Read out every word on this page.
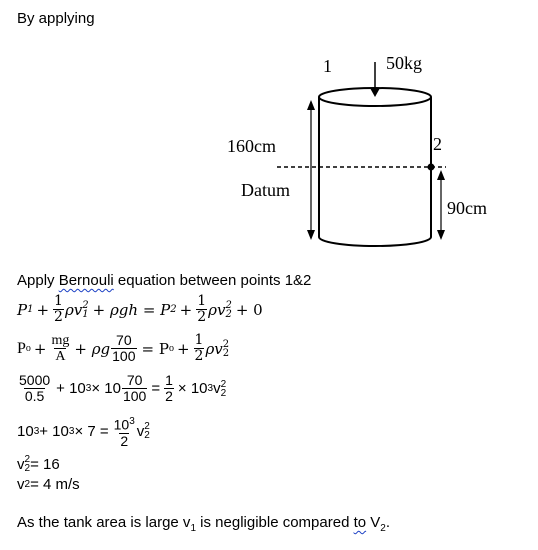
By applying
1	50kg
2
160cm
Datum
90cm
Apply Bernouli equation between points 1&2
P $1 + \frac{1}{2}$ ρv 2
1 + ρgh = P $2 + \frac{1}{2}$ ρv 2
2 + 0
P $o + \frac{mg}{A} + \rho g \frac{70}{100} = P$ $o + \frac{1}{2}$ ρv 2
2
$\frac{5000}{0.5} + 10$ $3 \times 10 \frac{70}{100} = \frac{1}{2} \times 10$ 3 v 2
2
10 3 + 10 $3 \times 7 = \frac{10^3}{2}$ v 2
2
v 2
2 = 16
v 2 = 4 m/s
As the tank area is large $v_1$ is negligible compared to $V_2$.
